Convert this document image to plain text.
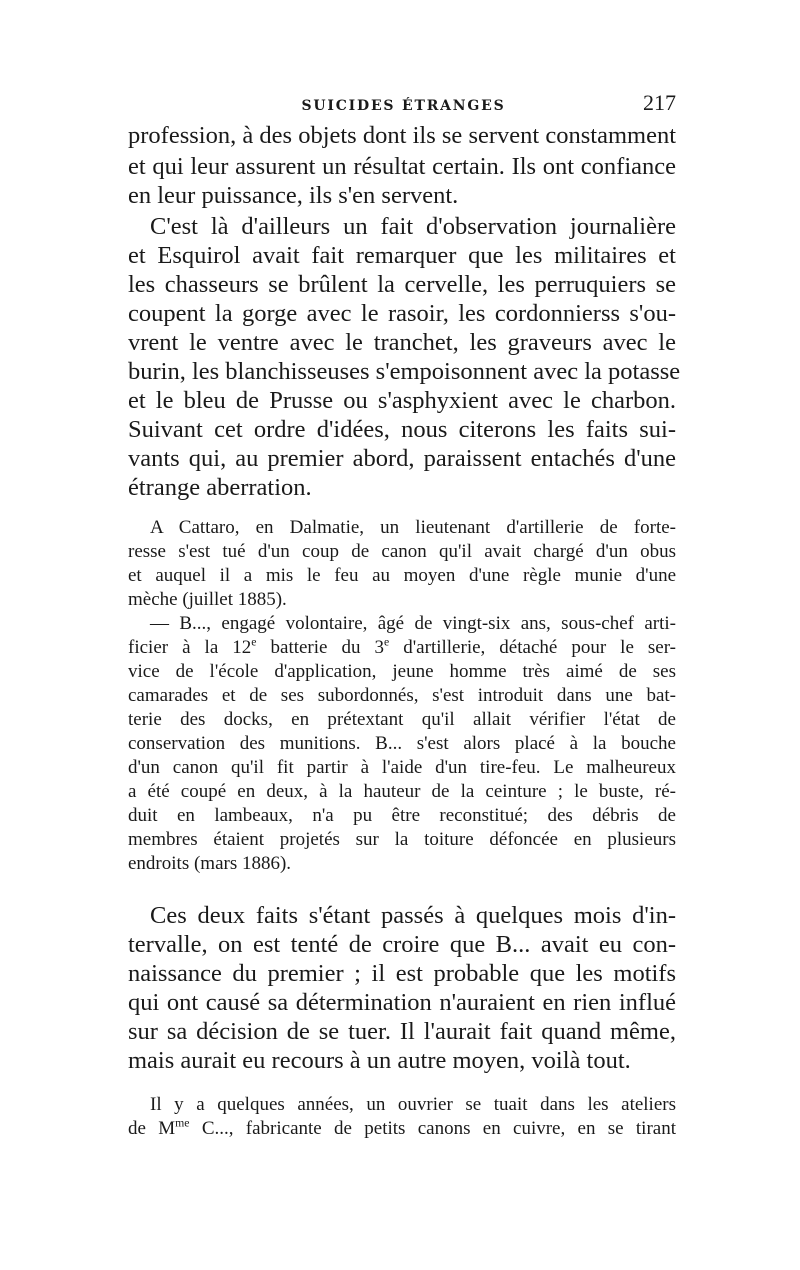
SUICIDES ÉTRANGES	217
profession, à des objets dont ils se servent constamment
et qui leur assurent un résultat certain. Ils ont confiance
en leur puissance, ils s'en servent.
C'est là d'ailleurs un fait d'observation journalière
et Esquirol avait fait remarquer que les militaires et
les chasseurs se brûlent la cervelle, les perruquiers se
coupent la gorge avec le rasoir, les cordonnierss s'ou-
vrent le ventre avec le tranchet, les graveurs avec le
burin, les blanchisseuses s'empoisonnent avec la potasse
et le bleu de Prusse ou s'asphyxient avec le charbon.
Suivant cet ordre d'idées, nous citerons les faits sui-
vants qui, au premier abord, paraissent entachés d'une
étrange aberration.
A Cattaro, en Dalmatie, un lieutenant d'artillerie de forte-
resse s'est tué d'un coup de canon qu'il avait chargé d'un obus
et auquel il a mis le feu au moyen d'une règle munie d'une
mèche (juillet 1885).
— B..., engagé volontaire, âgé de vingt-six ans, sous-chef arti-
ficier à la 12e batterie du 3e d'artillerie, détaché pour le ser-
vice de l'école d'application, jeune homme très aimé de ses
camarades et de ses subordonnés, s'est introduit dans une bat-
terie des docks, en prétextant qu'il allait vérifier l'état de
conservation des munitions. B... s'est alors placé à la bouche
d'un canon qu'il fit partir à l'aide d'un tire-feu. Le malheureux
a été coupé en deux, à la hauteur de la ceinture ; le buste, ré-
duit en lambeaux, n'a pu être reconstitué; des débris de
membres étaient projetés sur la toiture défoncée en plusieurs
endroits (mars 1886).
Ces deux faits s'étant passés à quelques mois d'in-
tervalle, on est tenté de croire que B... avait eu con-
naissance du premier ; il est probable que les motifs
qui ont causé sa détermination n'auraient en rien influé
sur sa décision de se tuer. Il l'aurait fait quand même,
mais aurait eu recours à un autre moyen, voilà tout.
Il y a quelques années, un ouvrier se tuait dans les ateliers
de $M^{me}$ C..., fabricante de petits canons en cuivre, en se tirant
